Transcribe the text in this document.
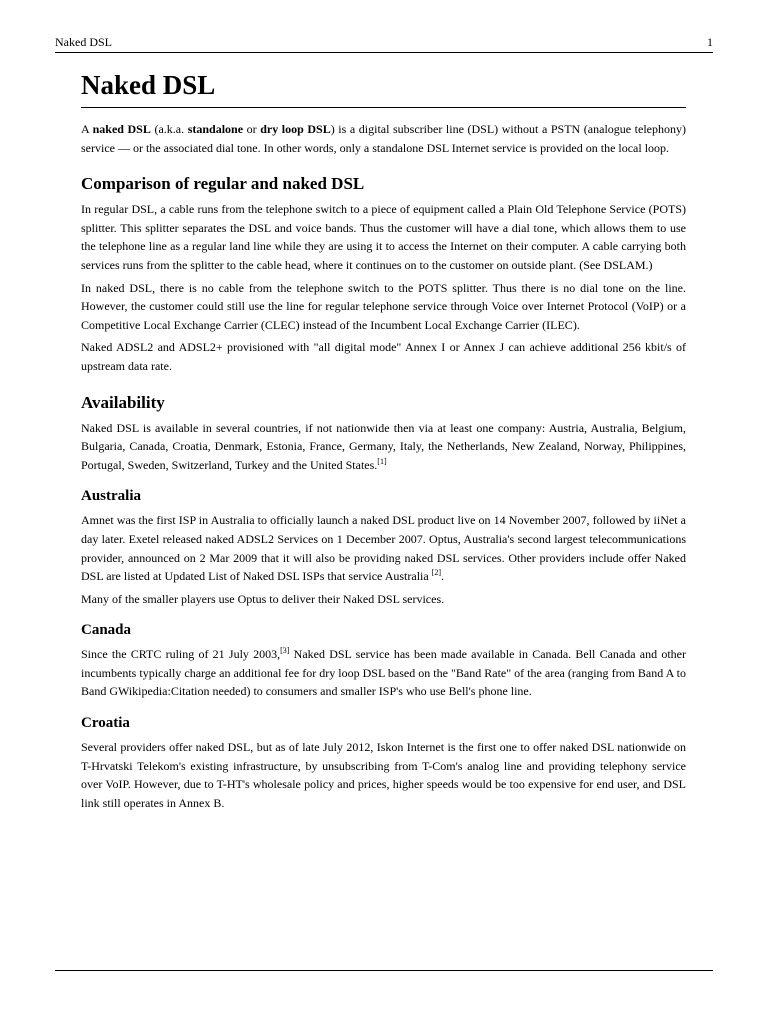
Naked DSL	1
Naked DSL

A naked DSL (a.k.a. standalone or dry loop DSL) is a digital subscriber line (DSL) without a PSTN (analogue telephony) service — or the associated dial tone. In other words, only a standalone DSL Internet service is provided on the local loop.

Comparison of regular and naked DSL

In regular DSL, a cable runs from the telephone switch to a piece of equipment called a Plain Old Telephone Service (POTS) splitter. This splitter separates the DSL and voice bands. Thus the customer will have a dial tone, which allows them to use the telephone line as a regular land line while they are using it to access the Internet on their computer. A cable carrying both services runs from the splitter to the cable head, where it continues on to the customer on outside plant. (See DSLAM.)

In naked DSL, there is no cable from the telephone switch to the POTS splitter. Thus there is no dial tone on the line. However, the customer could still use the line for regular telephone service through Voice over Internet Protocol (VoIP) or a Competitive Local Exchange Carrier (CLEC) instead of the Incumbent Local Exchange Carrier (ILEC).

Naked ADSL2 and ADSL2+ provisioned with "all digital mode" Annex I or Annex J can achieve additional 256 kbit/s of upstream data rate.

Availability

Naked DSL is available in several countries, if not nationwide then via at least one company: Austria, Australia, Belgium, Bulgaria, Canada, Croatia, Denmark, Estonia, France, Germany, Italy, the Netherlands, New Zealand, Norway, Philippines, Portugal, Sweden, Switzerland, Turkey and the United States.[1]

Australia

Amnet was the first ISP in Australia to officially launch a naked DSL product live on 14 November 2007, followed by iiNet a day later. Exetel released naked ADSL2 Services on 1 December 2007. Optus, Australia's second largest telecommunications provider, announced on 2 Mar 2009 that it will also be providing naked DSL services. Other providers include offer Naked DSL are listed at Updated List of Naked DSL ISPs that service Australia [2].

Many of the smaller players use Optus to deliver their Naked DSL services.

Canada

Since the CRTC ruling of 21 July 2003,[3] Naked DSL service has been made available in Canada. Bell Canada and other incumbents typically charge an additional fee for dry loop DSL based on the "Band Rate" of the area (ranging from Band A to Band GWikipedia:Citation needed) to consumers and smaller ISP's who use Bell's phone line.

Croatia

Several providers offer naked DSL, but as of late July 2012, Iskon Internet is the first one to offer naked DSL nationwide on T-Hrvatski Telekom's existing infrastructure, by unsubscribing from T-Com's analog line and providing telephony service over VoIP. However, due to T-HT's wholesale policy and prices, higher speeds would be too expensive for end user, and DSL link still operates in Annex B.
